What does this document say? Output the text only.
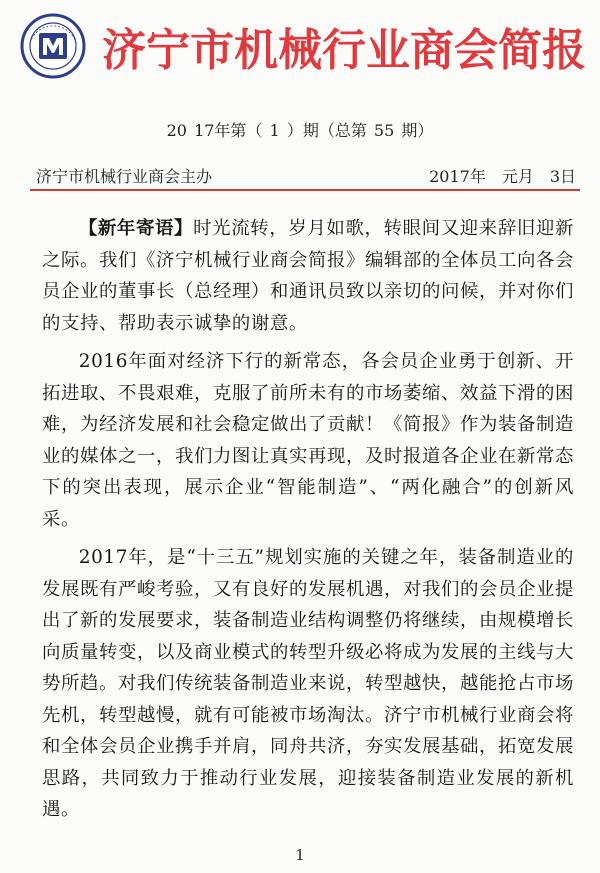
济宁市机械行业商会简报
20 17年第（ 1 ）期（总第 55 期）
济宁市机械行业商会主办	2017年　元月　3日

【新年寄语】时光流转，岁月如歌，转眼间又迎来辞旧迎新之际。我们《济宁机械行业商会简报》编辑部的全体员工向各会员企业的董事长（总经理）和通讯员致以亲切的问候，并对你们的支持、帮助表示诚挚的谢意。

2016年面对经济下行的新常态，各会员企业勇于创新、开拓进取、不畏艰难，克服了前所未有的市场萎缩、效益下滑的困难，为经济发展和社会稳定做出了贡献！《简报》作为装备制造业的媒体之一，我们力图让真实再现，及时报道各企业在新常态下的突出表现，展示企业“智能制造”、“两化融合”的创新风采。

2017年，是“十三五”规划实施的关键之年，装备制造业的发展既有严峻考验，又有良好的发展机遇，对我们的会员企业提出了新的发展要求，装备制造业结构调整仍将继续，由规模增长向质量转变，以及商业模式的转型升级必将成为发展的主线与大势所趋。对我们传统装备制造业来说，转型越快，越能抢占市场先机，转型越慢，就有可能被市场淘汰。济宁市机械行业商会将和全体会员企业携手并肩，同舟共济，夯实发展基础，拓宽发展思路，共同致力于推动行业发展，迎接装备制造业发展的新机遇。

1
